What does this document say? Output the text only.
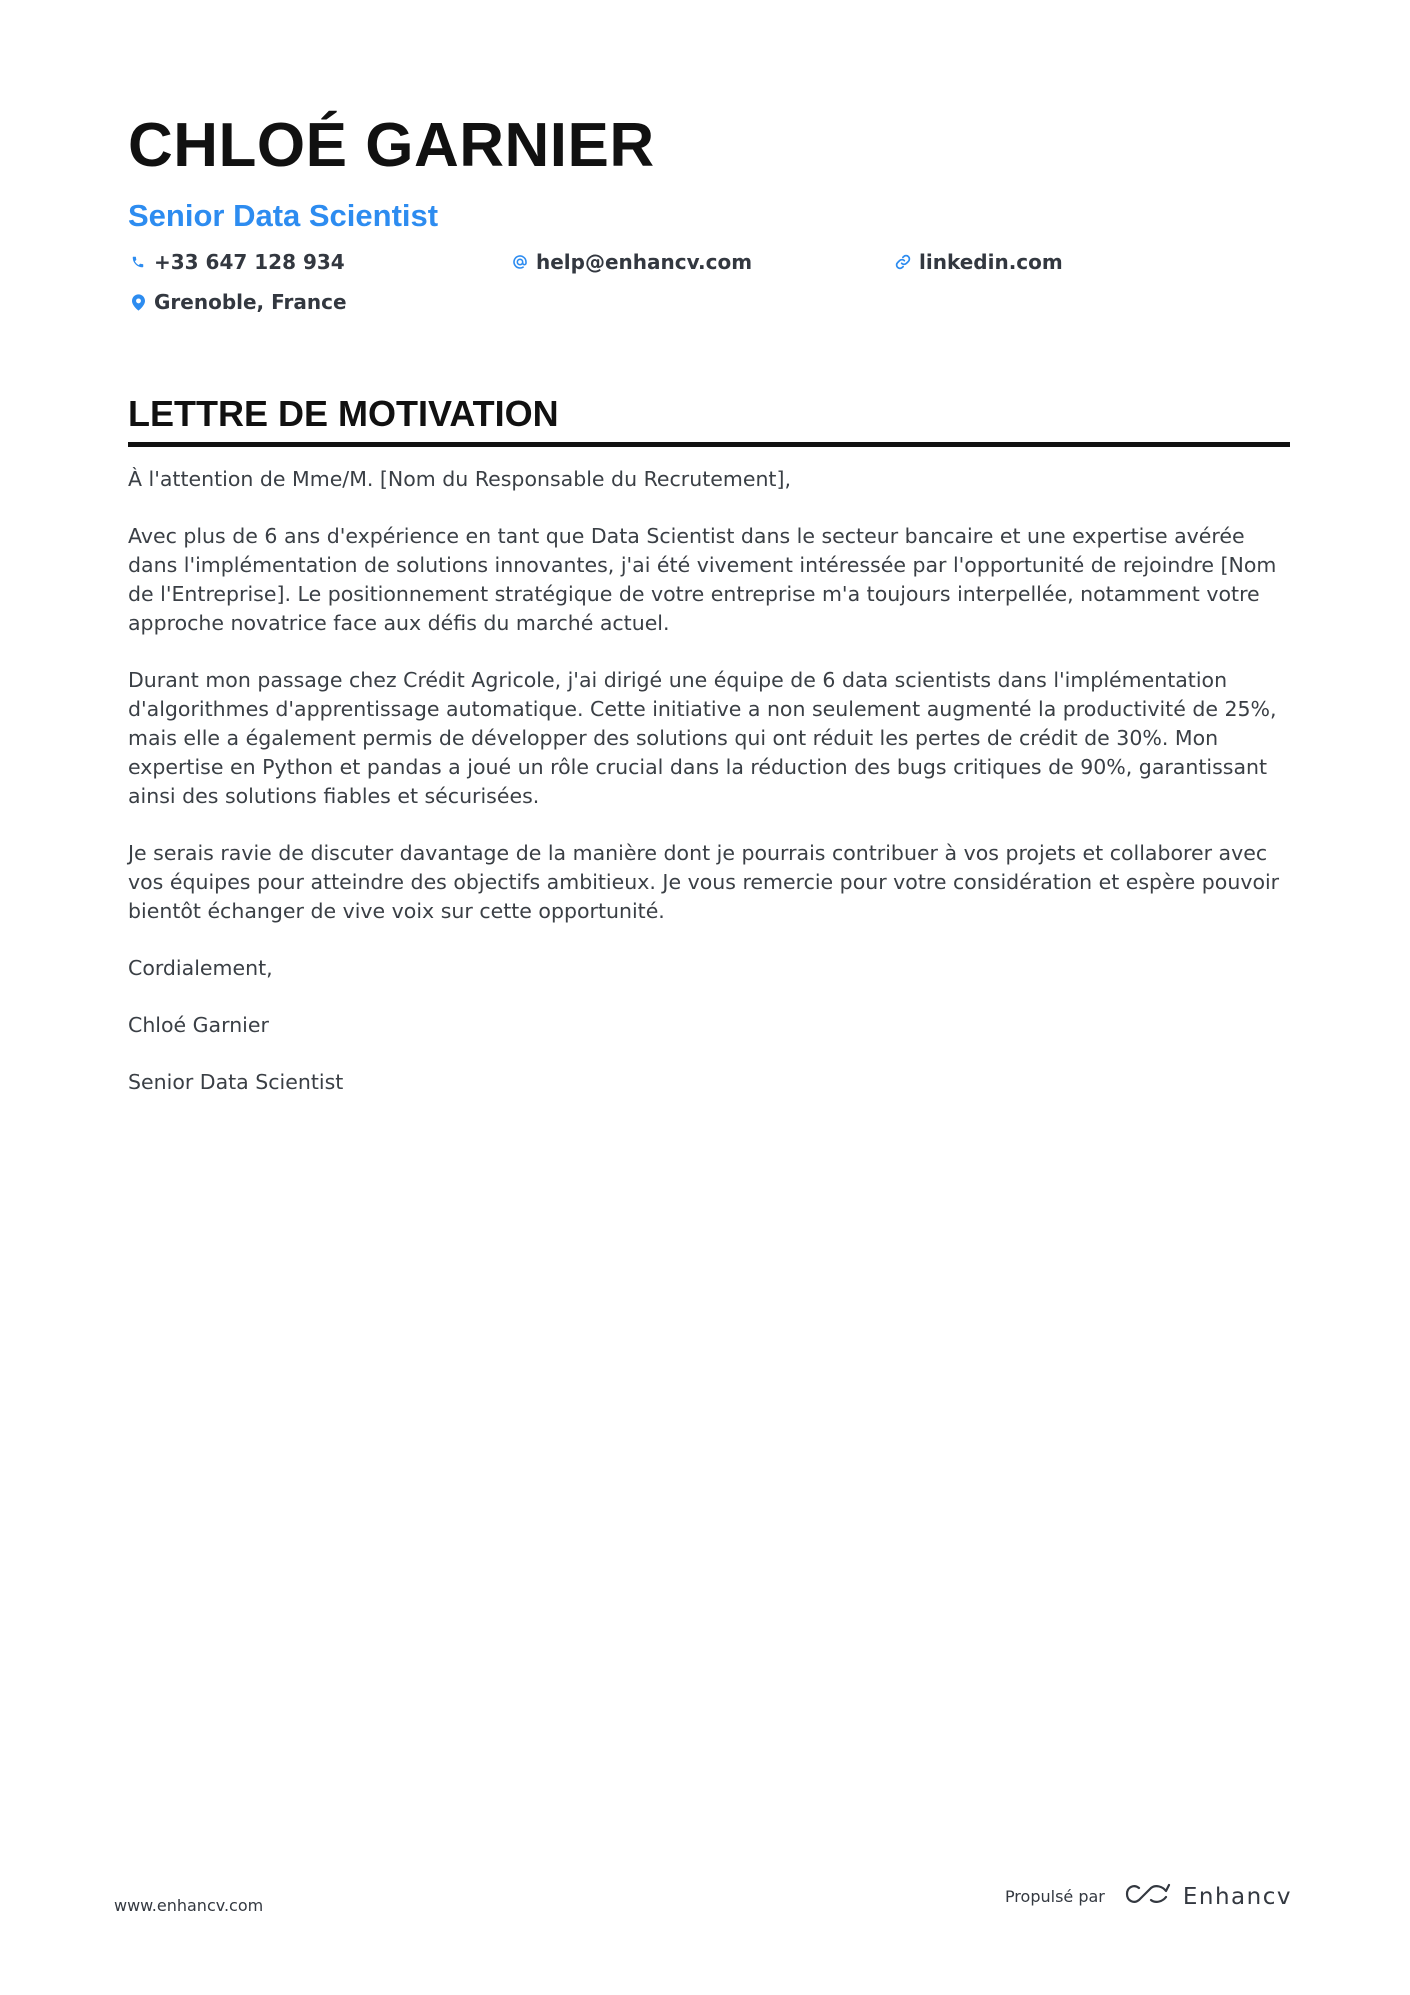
CHLOÉ GARNIER
Senior Data Scientist
+33 647 128 934	help@enhancv.com	linkedin.com
Grenoble, France
LETTRE DE MOTIVATION

À l'attention de Mme/M. [Nom du Responsable du Recrutement],

Avec plus de 6 ans d'expérience en tant que Data Scientist dans le secteur bancaire et une expertise avérée dans l'implémentation de solutions innovantes, j'ai été vivement intéressée par l'opportunité de rejoindre [Nom de l'Entreprise]. Le positionnement stratégique de votre entreprise m'a toujours interpellée, notamment votre approche novatrice face aux défis du marché actuel.

Durant mon passage chez Crédit Agricole, j'ai dirigé une équipe de 6 data scientists dans l'implémentation d'algorithmes d'apprentissage automatique. Cette initiative a non seulement augmenté la productivité de 25%, mais elle a également permis de développer des solutions qui ont réduit les pertes de crédit de 30%. Mon expertise en Python et pandas a joué un rôle crucial dans la réduction des bugs critiques de 90%, garantissant ainsi des solutions fiables et sécurisées.

Je serais ravie de discuter davantage de la manière dont je pourrais contribuer à vos projets et collaborer avec vos équipes pour atteindre des objectifs ambitieux. Je vous remercie pour votre considération et espère pouvoir bientôt échanger de vive voix sur cette opportunité.

Cordialement,

Chloé Garnier

Senior Data Scientist

www.enhancv.com	Propulsé par	Enhancv
